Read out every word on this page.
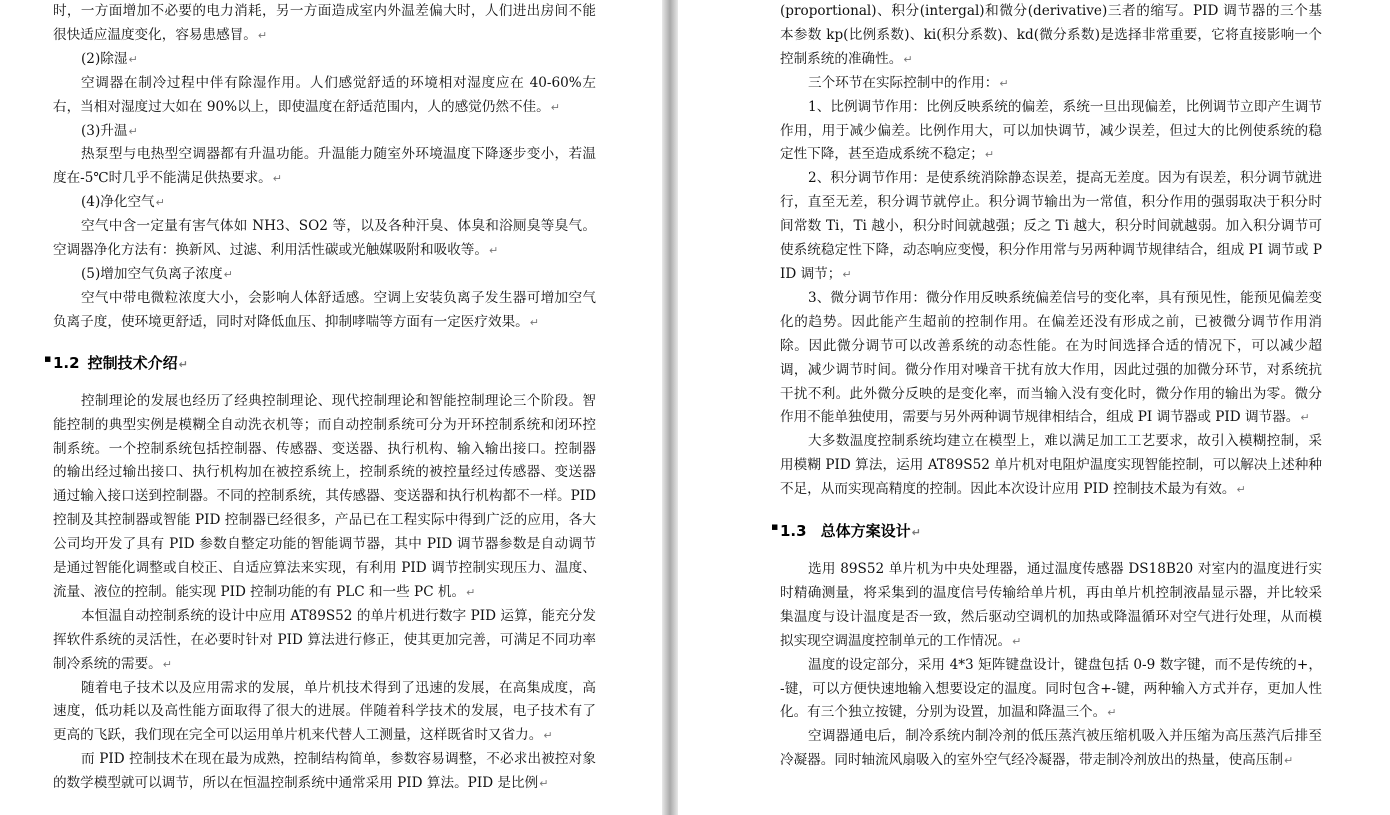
时，一方面增加不必要的电力消耗，另一方面造成室内外温差偏大时，人们进出房间不能很快适应温度变化，容易患感冒。↵

(2)除湿↵

空调器在制冷过程中伴有除湿作用。人们感觉舒适的环境相对湿度应在 40-60%左右，当相对湿度过大如在 90%以上，即使温度在舒适范围内，人的感觉仍然不佳。↵

(3)升温↵

热泵型与电热型空调器都有升温功能。升温能力随室外环境温度下降逐步变小，若温度在-5℃时几乎不能满足供热要求。↵

(4)净化空气↵

空气中含一定量有害气体如 NH3、SO2 等，以及各种汗臭、体臭和浴厕臭等臭气。空调器净化方法有：换新风、过滤、利用活性碳或光触媒吸附和吸收等。↵

(5)增加空气负离子浓度↵

空气中带电微粒浓度大小，会影响人体舒适感。空调上安装负离子发生器可增加空气负离子度，使环境更舒适，同时对降低血压、抑制哮喘等方面有一定医疗效果。↵

▪ 1.2 控制技术介绍↵

控制理论的发展也经历了经典控制理论、现代控制理论和智能控制理论三个阶段。智能控制的典型实例是模糊全自动洗衣机等；而自动控制系统可分为开环控制系统和闭环控制系统。一个控制系统包括控制器、传感器、变送器、执行机构、输入输出接口。控制器的输出经过输出接口、执行机构加在被控系统上，控制系统的被控量经过传感器、变送器通过输入接口送到控制器。不同的控制系统，其传感器、变送器和执行机构都不一样。PID 控制及其控制器或智能 PID 控制器已经很多，产品已在工程实际中得到广泛的应用，各大公司均开发了具有 PID 参数自整定功能的智能调节器，其中 PID 调节器参数是自动调节是通过智能化调整或自校正、自适应算法来实现，有利用 PID 调节控制实现压力、温度、流量、液位的控制。能实现 PID 控制功能的有 PLC 和一些 PC 机。↵

本恒温自动控制系统的设计中应用 AT89S52 的单片机进行数字 PID 运算，能充分发挥软件系统的灵活性，在必要时针对 PID 算法进行修正，使其更加完善，可满足不同功率制冷系统的需要。↵

随着电子技术以及应用需求的发展，单片机技术得到了迅速的发展，在高集成度，高速度，低功耗以及高性能方面取得了很大的进展。伴随着科学技术的发展，电子技术有了更高的飞跃，我们现在完全可以运用单片机来代替人工测量，这样既省时又省力。↵

而 PID 控制技术在现在最为成熟，控制结构简单，参数容易调整，不必求出被控对象的数学模型就可以调节，所以在恒温控制系统中通常采用 PID 算法。PID 是比例↵

(proportional)、积分(intergal)和微分(derivative)三者的缩写。PID 调节器的三个基本参数 kp(比例系数)、ki(积分系数)、kd(微分系数)是选择非常重要，它将直接影响一个控制系统的准确性。↵

三个环节在实际控制中的作用：↵

1、比例调节作用：比例反映系统的偏差，系统一旦出现偏差，比例调节立即产生调节作用，用于减少偏差。比例作用大，可以加快调节，减少误差，但过大的比例使系统的稳定性下降，甚至造成系统不稳定；↵

2、积分调节作用：是使系统消除静态误差，提高无差度。因为有误差，积分调节就进行，直至无差，积分调节就停止。积分调节输出为一常值，积分作用的强弱取决于积分时间常数 Ti，Ti 越小，积分时间就越强；反之 Ti 越大，积分时间就越弱。加入积分调节可使系统稳定性下降，动态响应变慢，积分作用常与另两种调节规律结合，组成 PI 调节或 PID 调节；↵

3、微分调节作用：微分作用反映系统偏差信号的变化率，具有预见性，能预见偏差变化的趋势。因此能产生超前的控制作用。在偏差还没有形成之前，已被微分调节作用消除。因此微分调节可以改善系统的动态性能。在为时间选择合适的情况下，可以减少超调，减少调节时间。微分作用对噪音干扰有放大作用，因此过强的加微分环节，对系统抗干扰不利。此外微分反映的是变化率，而当输入没有变化时，微分作用的输出为零。微分作用不能单独使用，需要与另外两种调节规律相结合，组成 PI 调节器或 PID 调节器。↵

大多数温度控制系统均建立在模型上，难以满足加工工艺要求，故引入模糊控制，采用模糊 PID 算法，运用 AT89S52 单片机对电阻炉温度实现智能控制，可以解决上述种种不足，从而实现高精度的控制。因此本次设计应用 PID 控制技术最为有效。↵

▪ 1.3 总体方案设计↵

选用 89S52 单片机为中央处理器，通过温度传感器 DS18B20 对室内的温度进行实时精确测量，将采集到的温度信号传输给单片机，再由单片机控制液晶显示器，并比较采集温度与设计温度是否一致，然后驱动空调机的加热或降温循环对空气进行处理，从而模拟实现空调温度控制单元的工作情况。↵

温度的设定部分，采用 4*3 矩阵键盘设计，键盘包括 0-9 数字键，而不是传统的+，-键，可以方便快速地输入想要设定的温度。同时包含+-键，两种输入方式并存，更加人性化。有三个独立按键，分别为设置，加温和降温三个。↵

空调器通电后，制冷系统内制冷剂的低压蒸汽被压缩机吸入并压缩为高压蒸汽后排至冷凝器。同时轴流风扇吸入的室外空气经冷凝器，带走制冷剂放出的热量，使高压制↵
